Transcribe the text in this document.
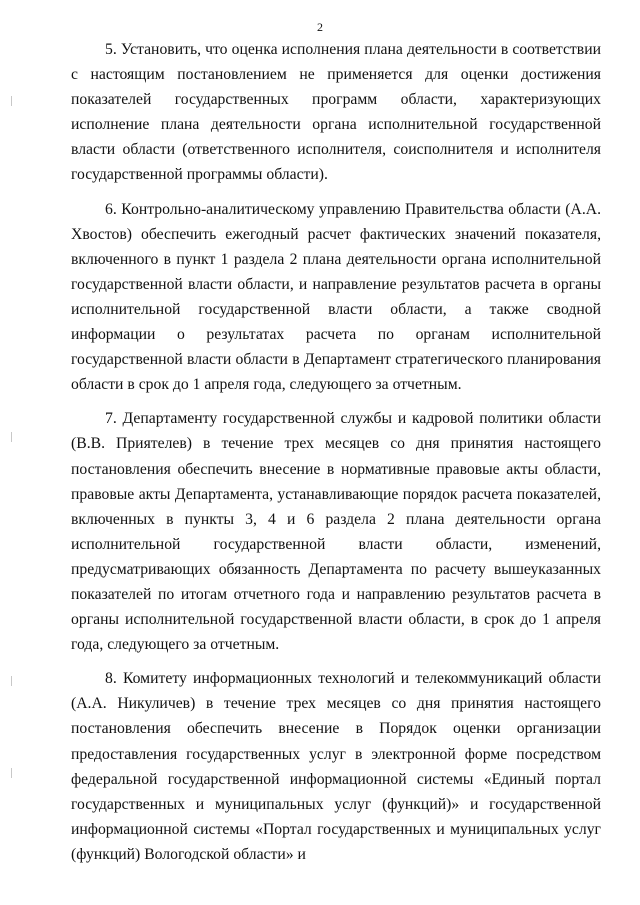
2

5. Установить, что оценка исполнения плана деятельности в соответствии с настоящим постановлением не применяется для оценки достижения показателей государственных программ области, характеризующих исполнение плана деятельности органа исполнительной государственной власти области (ответственного исполнителя, соисполнителя и исполнителя государственной программы области).

6. Контрольно-аналитическому управлению Правительства области (А.А. Хвостов) обеспечить ежегодный расчет фактических значений показателя, включенного в пункт 1 раздела 2 плана деятельности органа исполнительной государственной власти области, и направление результатов расчета в органы исполнительной государственной власти области, а также сводной информации о результатах расчета по органам исполнительной государственной власти области в Департамент стратегического планирования области в срок до 1 апреля года, следующего за отчетным.

7. Департаменту государственной службы и кадровой политики области (В.В. Приятелев) в течение трех месяцев со дня принятия настоящего постановления обеспечить внесение в нормативные правовые акты области, правовые акты Департамента, устанавливающие порядок расчета показателей, включенных в пункты 3, 4 и 6 раздела 2 плана деятельности органа исполнительной государственной власти области, изменений, предусматривающих обязанность Департамента по расчету вышеуказанных показателей по итогам отчетного года и направлению результатов расчета в органы исполнительной государственной власти области, в срок до 1 апреля года, следующего за отчетным.

8. Комитету информационных технологий и телекоммуникаций области (А.А. Никуличев) в течение трех месяцев со дня принятия настоящего постановления обеспечить внесение в Порядок оценки организации предоставления государственных услуг в электронной форме посредством федеральной государственной информационной системы «Единый портал государственных и муниципальных услуг (функций)» и государственной информационной системы «Портал государственных и муниципальных услуг (функций) Вологодской области» и
